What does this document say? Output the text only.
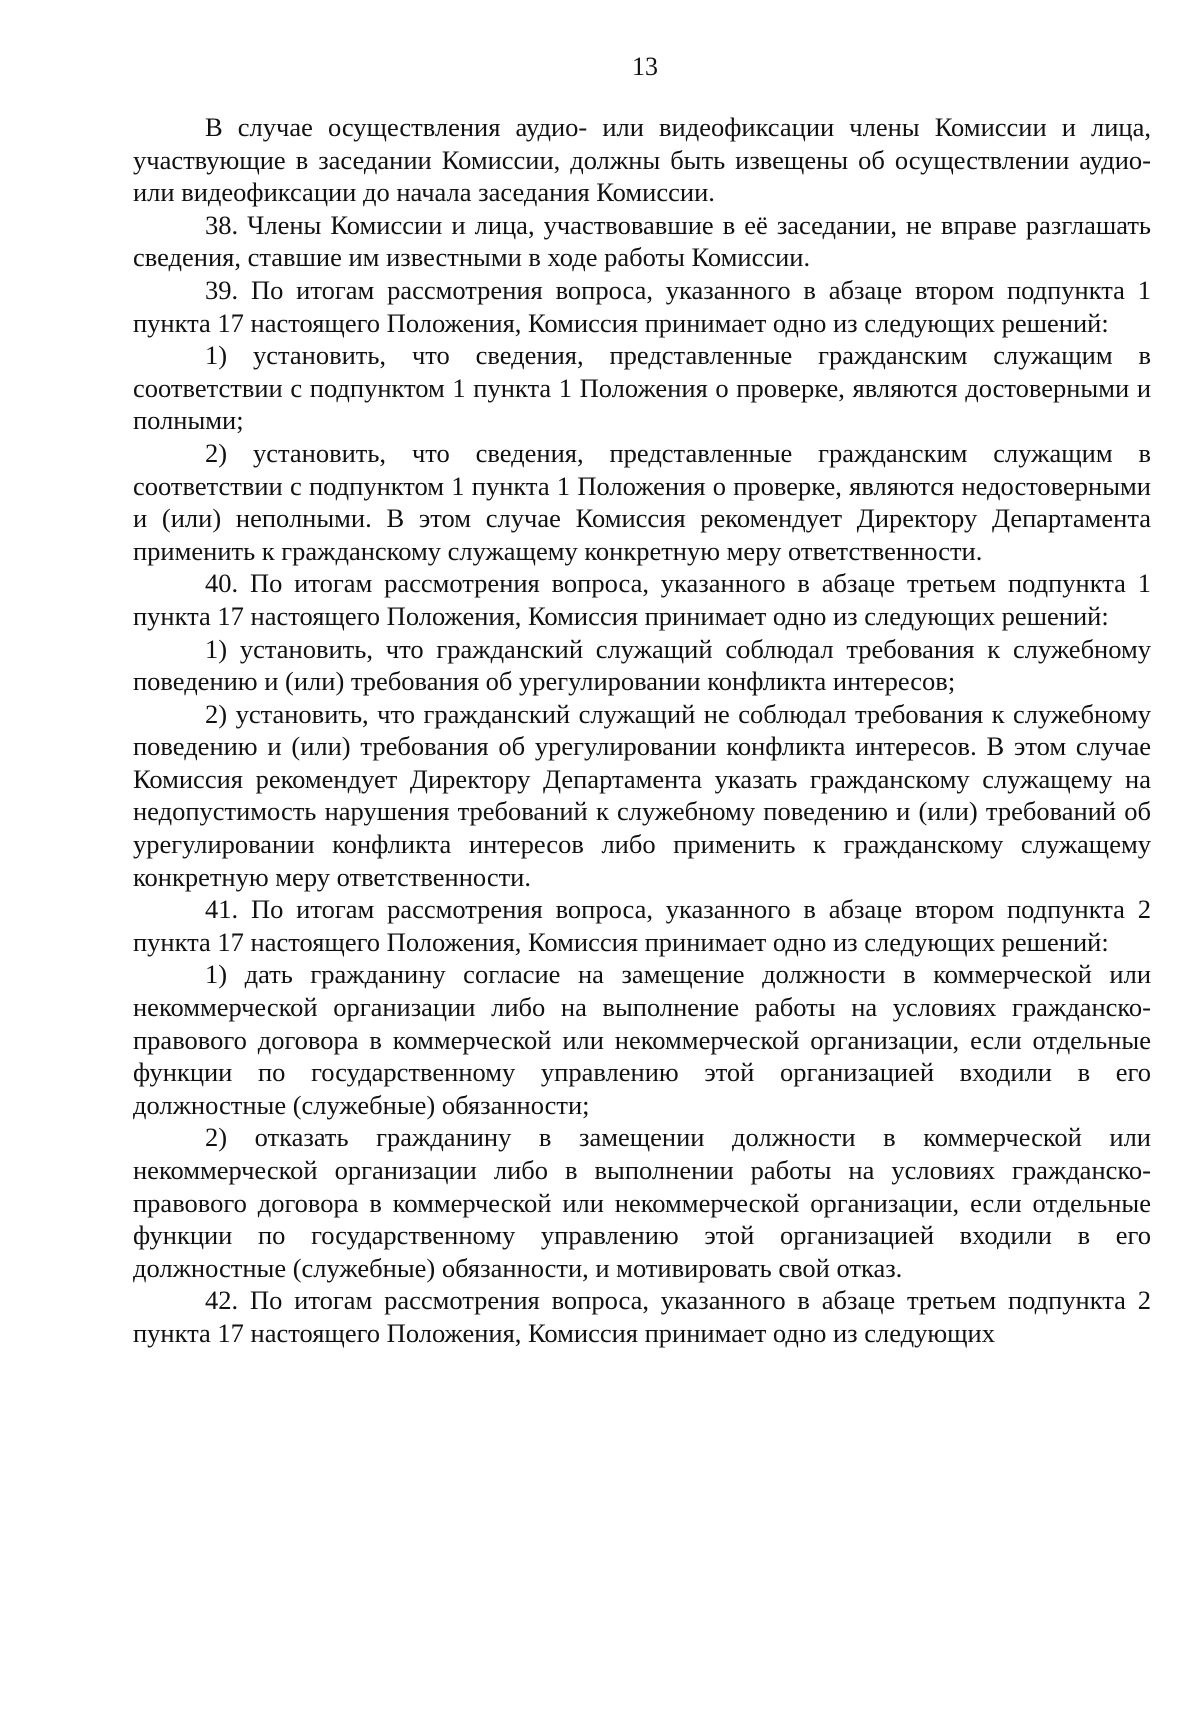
13

В случае осуществления аудио- или видеофиксации члены Комиссии и лица, участвующие в заседании Комиссии, должны быть извещены об осуществлении аудио- или видеофиксации до начала заседания Комиссии.

38. Члены Комиссии и лица, участвовавшие в её заседании, не вправе разглашать сведения, ставшие им известными в ходе работы Комиссии.

39. По итогам рассмотрения вопроса, указанного в абзаце втором подпункта 1 пункта 17 настоящего Положения, Комиссия принимает одно из следующих решений:

1) установить, что сведения, представленные гражданским служащим в соответствии с подпунктом 1 пункта 1 Положения о проверке, являются достоверными и полными;

2) установить, что сведения, представленные гражданским служащим в соответствии с подпунктом 1 пункта 1 Положения о проверке, являются недостоверными и (или) неполными. В этом случае Комиссия рекомендует Директору Департамента применить к гражданскому служащему конкретную меру ответственности.

40. По итогам рассмотрения вопроса, указанного в абзаце третьем подпункта 1 пункта 17 настоящего Положения, Комиссия принимает одно из следующих решений:

1) установить, что гражданский служащий соблюдал требования к служебному поведению и (или) требования об урегулировании конфликта интересов;

2) установить, что гражданский служащий не соблюдал требования к служебному поведению и (или) требования об урегулировании конфликта интересов. В этом случае Комиссия рекомендует Директору Департамента указать гражданскому служащему на недопустимость нарушения требований к служебному поведению и (или) требований об урегулировании конфликта интересов либо применить к гражданскому служащему конкретную меру ответственности.

41. По итогам рассмотрения вопроса, указанного в абзаце втором подпункта 2 пункта 17 настоящего Положения, Комиссия принимает одно из следующих решений:

1) дать гражданину согласие на замещение должности в коммерческой или некоммерческой организации либо на выполнение работы на условиях гражданско-правового договора в коммерческой или некоммерческой организации, если отдельные функции по государственному управлению этой организацией входили в его должностные (служебные) обязанности;

2) отказать гражданину в замещении должности в коммерческой или некоммерческой организации либо в выполнении работы на условиях гражданско-правового договора в коммерческой или некоммерческой организации, если отдельные функции по государственному управлению этой организацией входили в его должностные (служебные) обязанности, и мотивировать свой отказ.

42. По итогам рассмотрения вопроса, указанного в абзаце третьем подпункта 2 пункта 17 настоящего Положения, Комиссия принимает одно из следующих
